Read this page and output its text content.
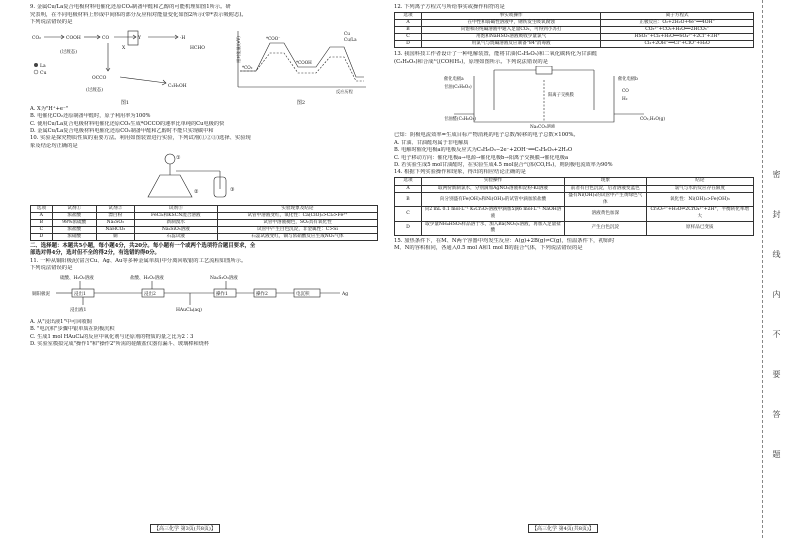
9. 金属Cu/La复合电极材料电催化还原CO₂制备甲醛和乙醇的可能机理如图1所示。研
究表明，在不同电极材料上形成中间体的部分反应相对能量变化如图2所示(带*表示吸附态)。
下列说法错误的是
CO₂	COOH	CO	Y
C₂H₅OH
(过渡态)
(过渡态)
La
Cu
·H
X
OCCO
HCHO
图1
相对能量/(eV)
Cu
Cu/La
*COO⁻
*COOH
*CO₂
反应历程
图2
A. X为"H⁺+e⁻"
B. 电催化CO₂还原制备甲醛时，原子利用率为100%
C. 使用Cu/La复合电极材料电催化还原CO₂生成*OCCO的速率比单纯的Cu电极的快
D. 金属Cu/La复合电极材料电催化还原CO₂制备甲醛和乙醇时不能只实现碳中和
10. 实验是探究物质性质的重要方法。利用如图装置进行实验，下列试剂(①②③)选择、实验现
象及结论均正确的是
①
②	③
选项	试剂①	试剂②	试剂③	实验现象及结论
A	浓盐酸	漂白粉	FeCl₂和KSCN混合溶液	试管中溶液变红，氧化性：Ca(ClO)₂>Cl₂>Fe³⁺
B	98%浓硫酸	Na₂SO₃	新制溴水	试管中溶液褪色，SO₂具有氧化性
C	浓盐酸	NaHCO₃	Na₂SiO₃溶液	试管中产生白色沉淀，非金属性：C>Si
D	浓硝酸	铜	石蕊试液	石蕊试液变红，铜与浓硝酸反应生成NO₂气体
二、选择题：本题共5小题，每小题4分，共20分。每小题有一个或两个选项符合题目要求，全
部选对得4分，选对但不全的得2分，有选错的得0分。
11. 一种从铜阳极泥(富含Cu、Ag、Au等多种金属单质)中分离回收银的工艺流程如图所示。
下列说法错误的是
硫酸、H₂O₂溶液	盐酸、H₂O₂溶液	Na₂S₂O₃溶液
铜阳极泥	浸出1	浸出2	操作1	操作2	电沉积	Ag
浸出液1	HAuCl₄(aq)
A. 从"浸出液1"中可回收铜
B. "电沉积"步骤中银单质在阴极沉积
C. 生成1 mol HAuCl₄的反应中氧化剂与还原剂的物质的量之比为2∶3
D. 实验室模拟完成"操作1"和"操作2"所需的硅酸盐仪器有漏斗、玻璃棒和烧杯
【高三化学 第3页(共8页)】
12. 下列离子方程式与所给事实或操作相符的是
选项	事实或操作	离子方程式
A	在中性和弱碱性溶液中，钢铁发生吸氧腐蚀	正极反应：O₂+2H₂O+4e⁻══4OH⁻
B	向饱和的纯碱溶液中通入足量CO₂，可得到小苏打	CO₃²⁻+CO₂+H₂O══2HCO₃⁻
C	用饱和NaHSO₃溶液吸收少量氯气	HSO₃⁻+Cl₂+H₂O══SO₄²⁻+2Cl⁻+3H⁺
D	用氯气与烧碱溶液反应制备"84"消毒液	Cl₂+2OH⁻══Cl⁻+ClO⁻+H₂O
13. 我国科技工作者设计了一种电解装置，能将甘油(C₃H₈O₃)和二氧化碳转化为甘油醛
(C₃H₆O₃)和合成气(CO和H₂)，原理如图所示。下列说法错误的是
催化电极a
甘油(C₃H₈O₃)
阳离子交换膜
催化电极b
甘油醛(C₃H₆O₃)
Na₂CO₃溶液
CO₂,H₂O(g)
CO
H₂
已知：阴极电流效率=生成目标产物消耗的电子总数/转移的电子总数×100%。
A. 甘油、甘油醛均属于非电解质
B. 电解时催化电极a的电极反应式为C₃H₈O₃−2e⁻+2OH⁻══C₃H₆O₃+2H₂O
C. 电子移动方向：催化电极a→电源→催化电极b→阳离子交换膜→催化电极a
D. 若实验生成5 mol甘油醛时，在实验生成4.5 mol混合气体(CO,H₂)，则阴极电流效率为90%
14. 根据下列实验操作和现象，得出的相应结论正确的是
选项	实验操作	现象	结论
A	取两份新制氯水，分别滴加AgNO₃溶液和淀粉-KI溶液	前者有白色沉淀，后者溶液变蓝色	氯气与水的反应存在限度
B	向分别盛有Fe(OH)₃和Ni(OH)₂的试管中滴加浓盐酸	盛有Ni(OH)₂的试管中产生黄绿色气体	氧化性：Ni(OH)₂>Fe(OH)₃
C	向2 mL 0.1 mol·L⁻¹ K₂Cr₂O₇溶液中滴加5滴6 mol·L⁻¹ NaOH溶液	溶液黄色加深	Cr₂O₇²⁻+H₂O⇌2CrO₄²⁻+2H⁺，平衡转化率增大
D	取少量NH₄HSO₃样品溶于水，加入Ba(NO₃)₂溶液，再加入足量盐酸	产生白色沉淀	原样品已变质
15. 加热条件下，在M、N两个容器中均发生反应：A(g)+2B(g)⇌C(g)，恒温条件下，初始时
M、N的容积相同，各通入0.5 mol A和1 mol B的混合气体，下列说法错误的是
【高三化学 第4页(共8页)】
密
封
线
内
不
要
答
题
